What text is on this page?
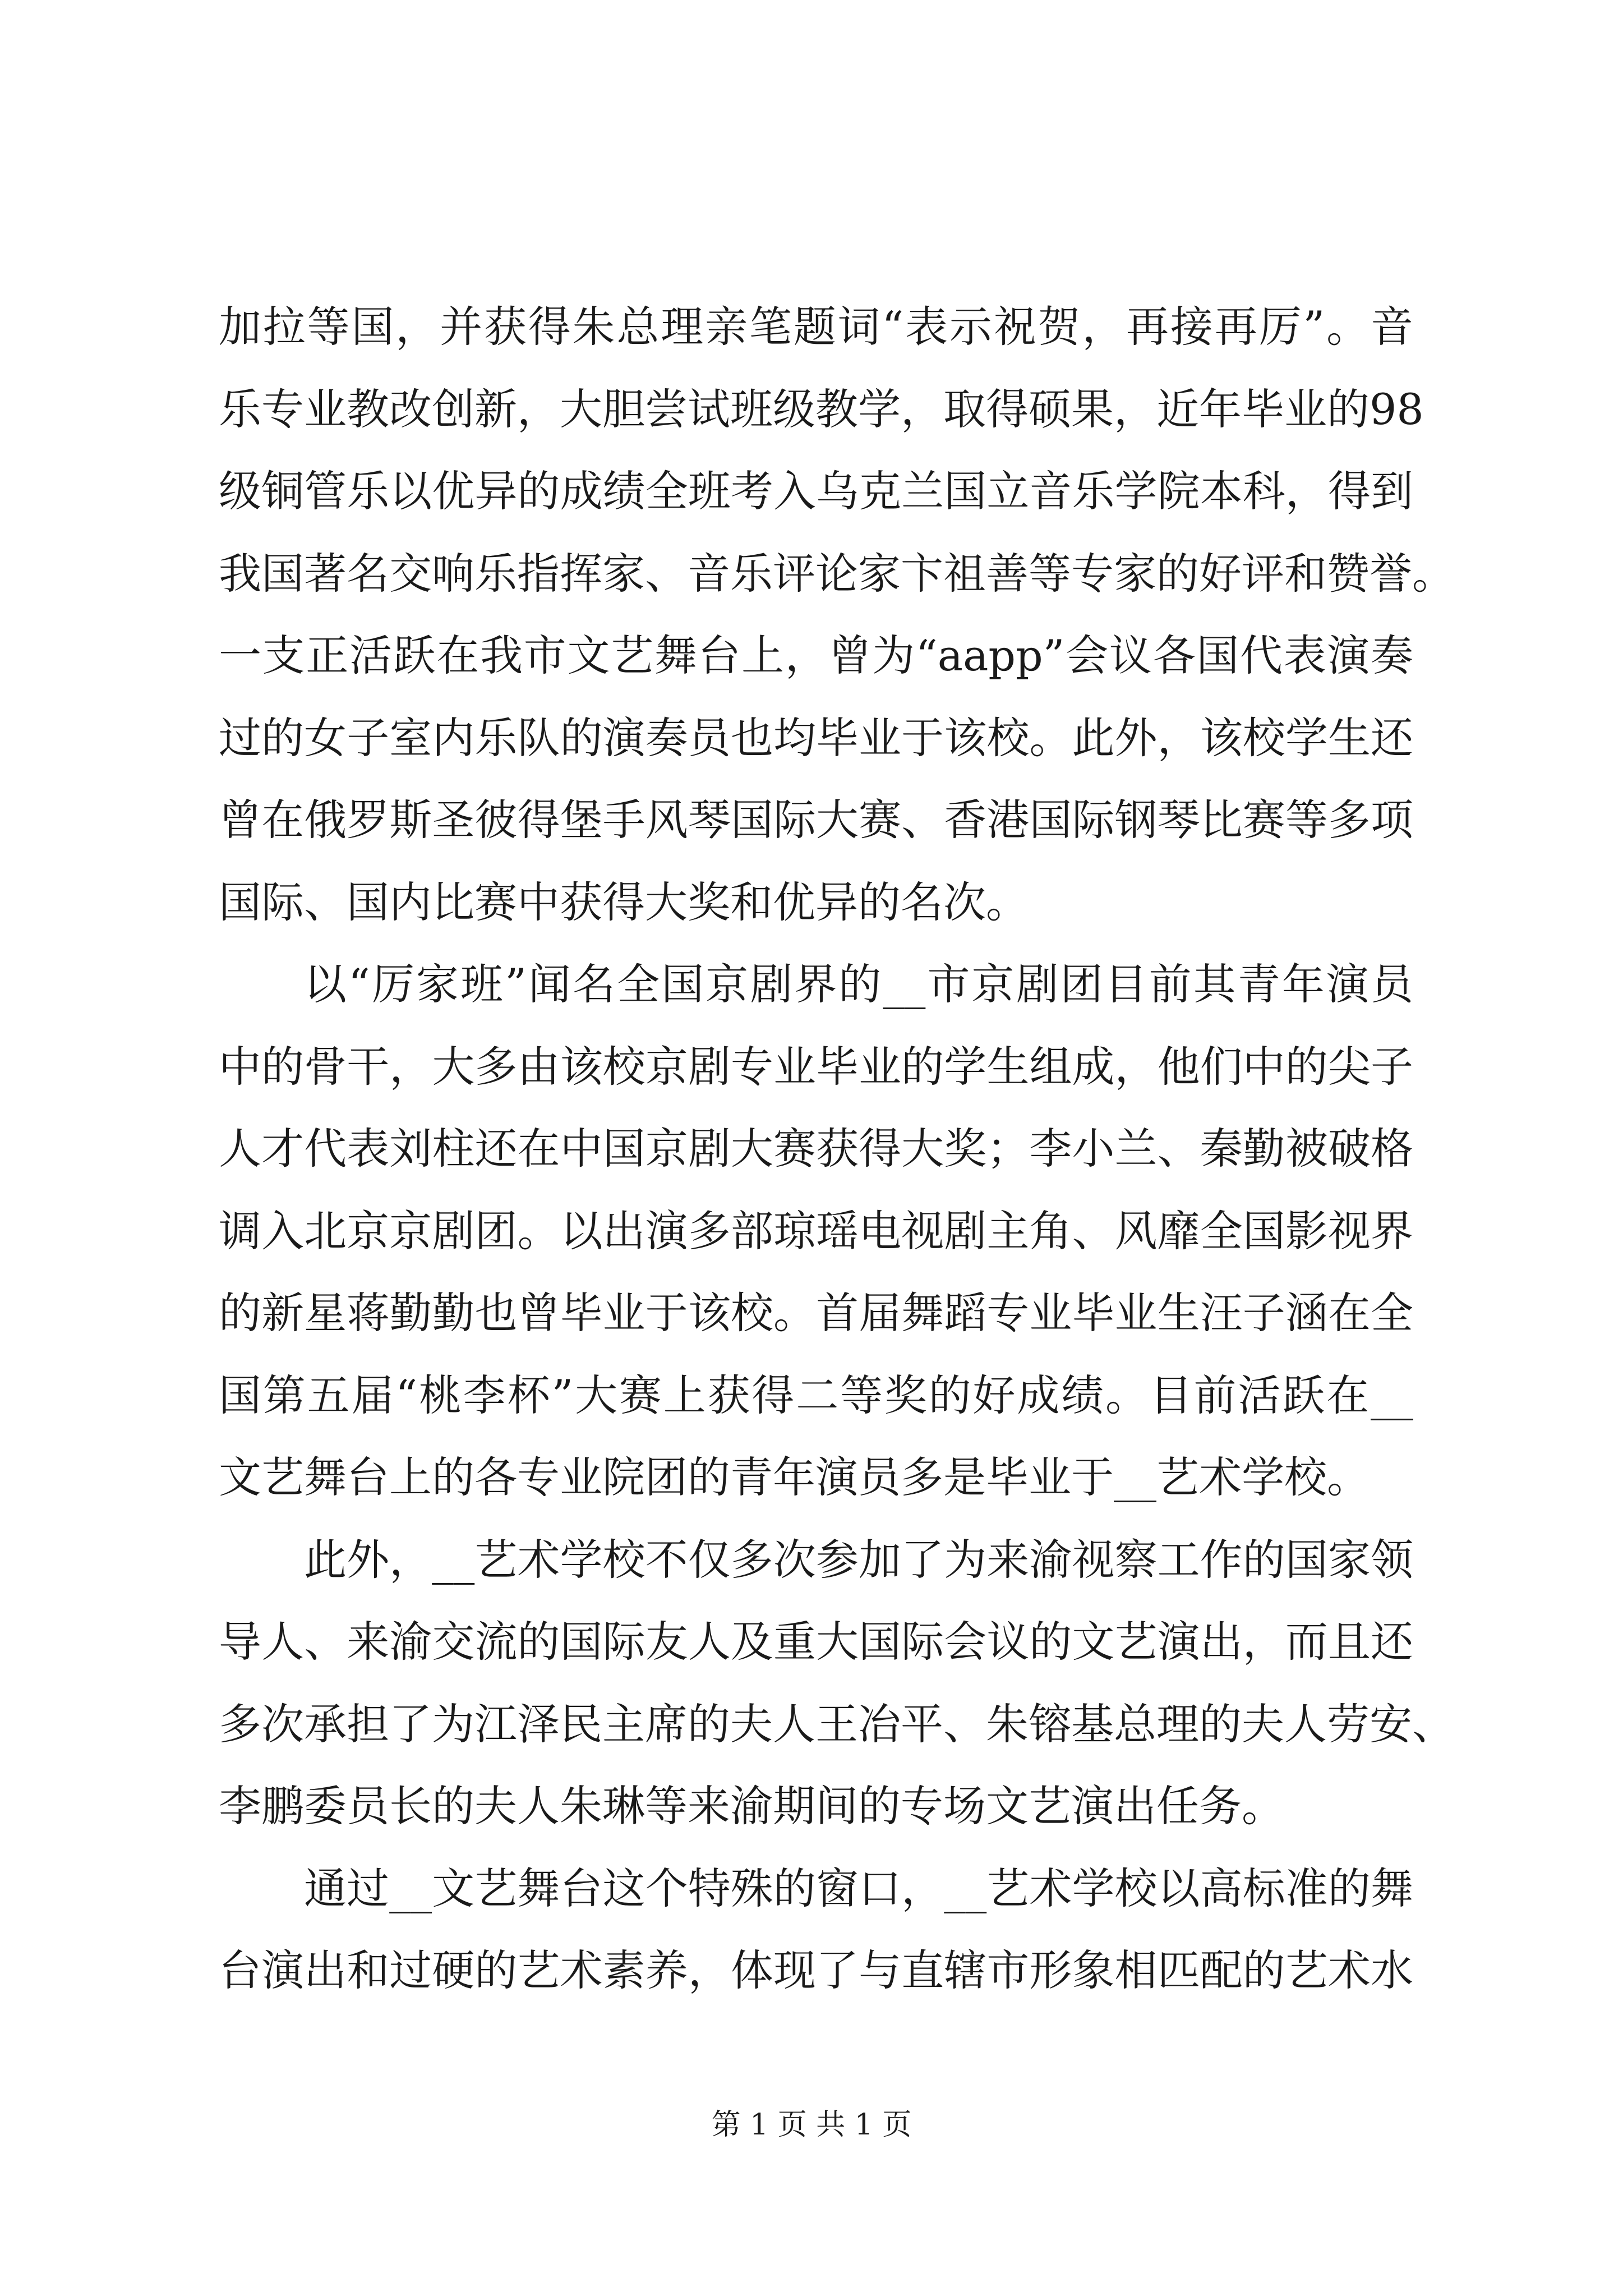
加拉等国，并获得朱总理亲笔题词“表示祝贺，再接再厉”。音
乐专业教改创新，大胆尝试班级教学，取得硕果，近年毕业的98
级铜管乐以优异的成绩全班考入乌克兰国立音乐学院本科，得到
我国著名交响乐指挥家、音乐评论家卞祖善等专家的好评和赞誉。
一支正活跃在我市文艺舞台上，曾为“aapp”会议各国代表演奏
过的女子室内乐队的演奏员也均毕业于该校。此外，该校学生还
曾在俄罗斯圣彼得堡手风琴国际大赛、香港国际钢琴比赛等多项
国际、国内比赛中获得大奖和优异的名次。
以“厉家班”闻名全国京剧界的__市京剧团目前其青年演员
中的骨干，大多由该校京剧专业毕业的学生组成，他们中的尖子
人才代表刘柱还在中国京剧大赛获得大奖；李小兰、秦勤被破格
调入北京京剧团。以出演多部琼瑶电视剧主角、风靡全国影视界
的新星蒋勤勤也曾毕业于该校。首届舞蹈专业毕业生汪子涵在全
国第五届“桃李杯”大赛上获得二等奖的好成绩。目前活跃在__
文艺舞台上的各专业院团的青年演员多是毕业于__艺术学校。
此外，__艺术学校不仅多次参加了为来渝视察工作的国家领
导人、来渝交流的国际友人及重大国际会议的文艺演出，而且还
多次承担了为江泽民主席的夫人王冶平、朱镕基总理的夫人劳安、
李鹏委员长的夫人朱琳等来渝期间的专场文艺演出任务。
通过__文艺舞台这个特殊的窗口，__艺术学校以高标准的舞
台演出和过硬的艺术素养，体现了与直辖市形象相匹配的艺术水
第 1 页 共 1 页
